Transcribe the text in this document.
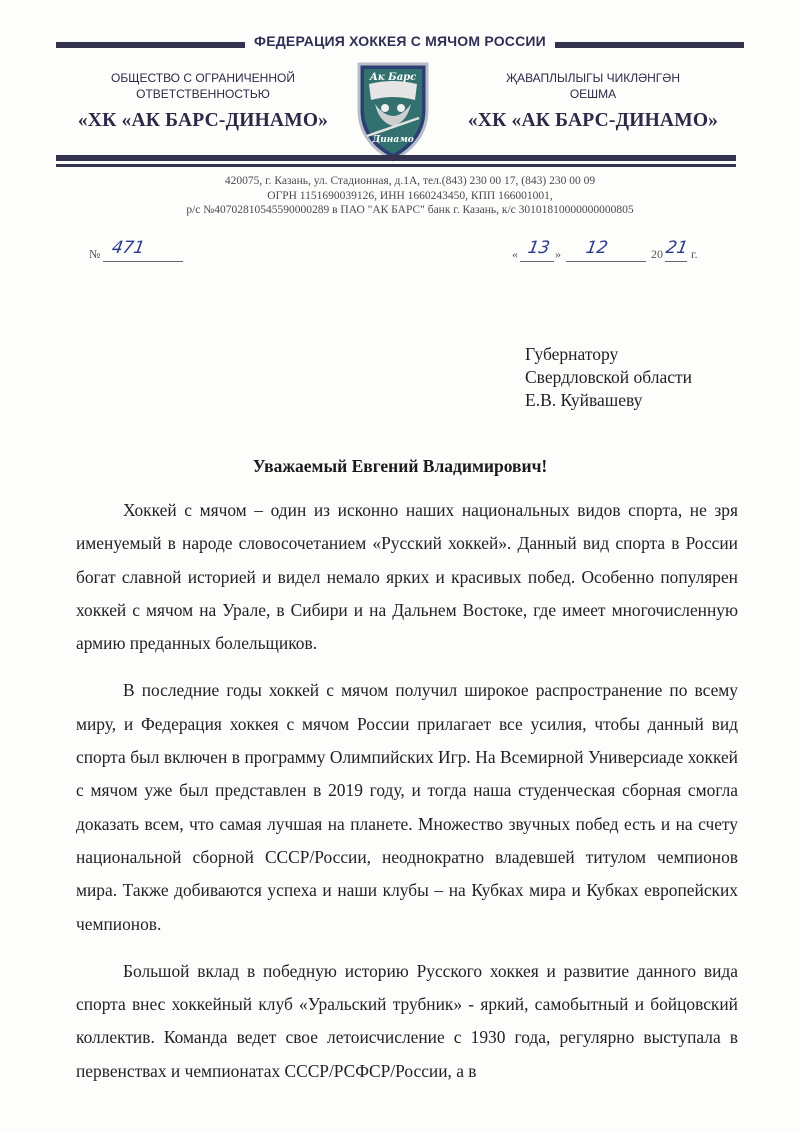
ФЕДЕРАЦИЯ ХОККЕЯ С МЯЧОМ РОССИИ
ОБЩЕСТВО С ОГРАНИЧЕННОЙ
ОТВЕТСТВЕННОСТЬЮ
ҖАВАПЛЫЛЫГЫ ЧИКЛӘНГӘН
ОЕШМА
«ХК «АК БАРС-ДИНАМО»	«ХК «АК БАРС-ДИНАМО»
Ак Барс
Динамо
420075, г. Казань, ул. Стадионная, д.1А, тел.(843) 230 00 17, (843) 230 00 09
ОГРН 1151690039126, ИНН 1660243450, КПП 166001001,
р/с №40702810545590000289 в ПАО "АК БАРС" банк г. Казань, к/с 30101810000000000805
№ 471	« 13 » 12	20 21 г.
Губернатору
Свердловской области
Е.В. Куйвашеву
Уважаемый Евгений Владимирович!

Хоккей с мячом – один из исконно наших национальных видов спорта, не зря именуемый в народе словосочетанием «Русский хоккей». Данный вид спорта в России богат славной историей и видел немало ярких и красивых побед. Особенно популярен хоккей с мячом на Урале, в Сибири и на Дальнем Востоке, где имеет многочисленную армию преданных болельщиков.

В последние годы хоккей с мячом получил широкое распространение по всему миру, и Федерация хоккея с мячом России прилагает все усилия, чтобы данный вид спорта был включен в программу Олимпийских Игр. На Всемирной Универсиаде хоккей с мячом уже был представлен в 2019 году, и тогда наша студенческая сборная смогла доказать всем, что самая лучшая на планете. Множество звучных побед есть и на счету национальной сборной СССР/России, неоднократно владевшей титулом чемпионов мира. Также добиваются успеха и наши клубы – на Кубках мира и Кубках европейских чемпионов.

Большой вклад в победную историю Русского хоккея и развитие данного вида спорта внес хоккейный клуб «Уральский трубник» - яркий, самобытный и бойцовский коллектив. Команда ведет свое летоисчисление с 1930 года, регулярно выступала в первенствах и чемпионатах СССР/РСФСР/России, а в
